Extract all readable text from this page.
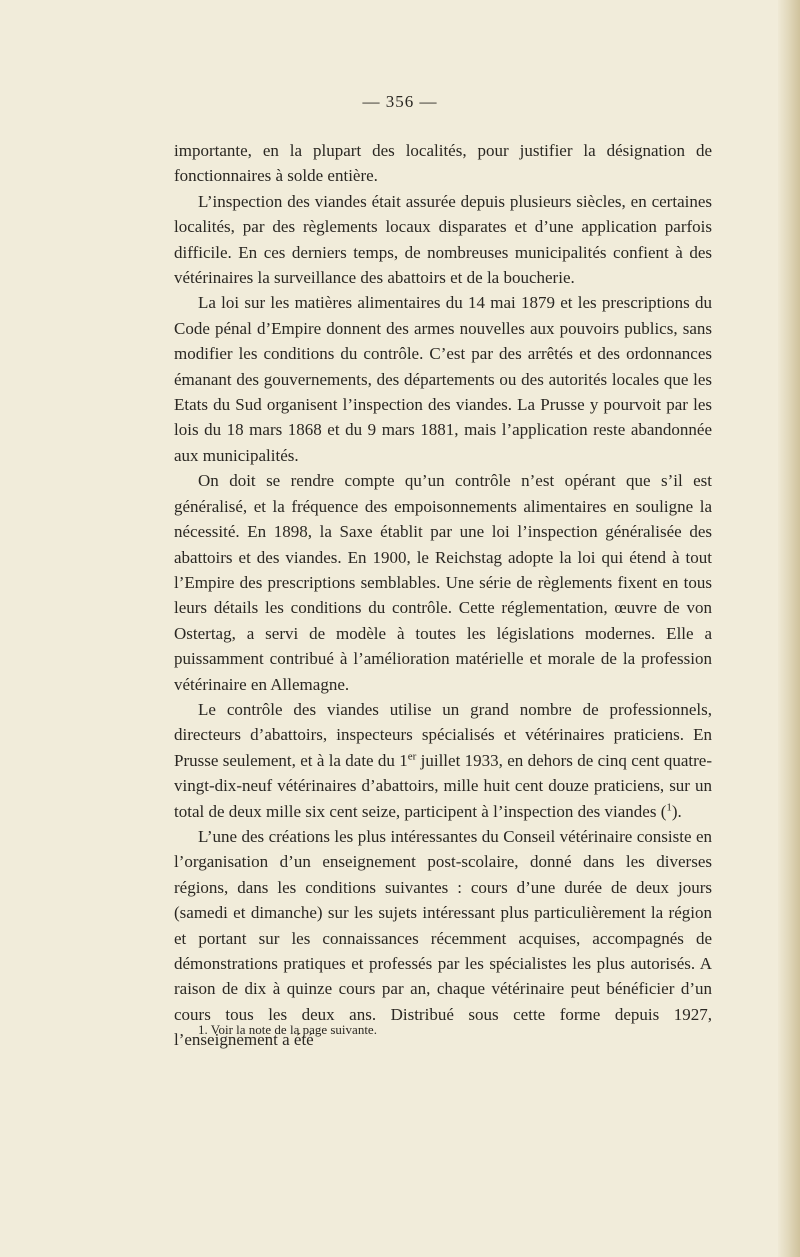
— 356 —

importante, en la plupart des localités, pour justifier la désignation de fonctionnaires à solde entière.

L’inspection des viandes était assurée depuis plusieurs siècles, en certaines localités, par des règlements locaux disparates et d’une application parfois difficile. En ces derniers temps, de nombreuses municipalités confient à des vétérinaires la surveillance des abattoirs et de la boucherie.

La loi sur les matières alimentaires du 14 mai 1879 et les prescriptions du Code pénal d’Empire donnent des armes nouvelles aux pouvoirs publics, sans modifier les conditions du contrôle. C’est par des arrêtés et des ordonnances émanant des gouvernements, des départements ou des autorités locales que les Etats du Sud organisent l’inspection des viandes. La Prusse y pourvoit par les lois du 18 mars 1868 et du 9 mars 1881, mais l’application reste abandonnée aux municipalités.

On doit se rendre compte qu’un contrôle n’est opérant que s’il est généralisé, et la fréquence des empoisonnements alimentaires en souligne la nécessité. En 1898, la Saxe établit par une loi l’inspection généralisée des abattoirs et des viandes. En 1900, le Reichstag adopte la loi qui étend à tout l’Empire des prescriptions semblables. Une série de règlements fixent en tous leurs détails les conditions du contrôle. Cette réglementation, œuvre de von Ostertag, a servi de modèle à toutes les législations modernes. Elle a puissamment contribué à l’amélioration matérielle et morale de la profession vétérinaire en Allemagne.

Le contrôle des viandes utilise un grand nombre de professionnels, directeurs d’abattoirs, inspecteurs spécialisés et vétérinaires praticiens. En Prusse seulement, et à la date du 1er juillet 1933, en dehors de cinq cent quatre-vingt-dix-neuf vétérinaires d’abattoirs, mille huit cent douze praticiens, sur un total de deux mille six cent seize, participent à l’inspection des viandes ($^1$).

L’une des créations les plus intéressantes du Conseil vétérinaire consiste en l’organisation d’un enseignement post-scolaire, donné dans les diverses régions, dans les conditions suivantes : cours d’une durée de deux jours (samedi et dimanche) sur les sujets intéressant plus particulièrement la région et portant sur les connaissances récemment acquises, accompagnés de démonstrations pratiques et professés par les spécialistes les plus autorisés. A raison de dix à quinze cours par an, chaque vétérinaire peut bénéficier d’un cours tous les deux ans. Distribué sous cette forme depuis 1927, l’enseignement a été

1. Voir la note de la page suivante.
